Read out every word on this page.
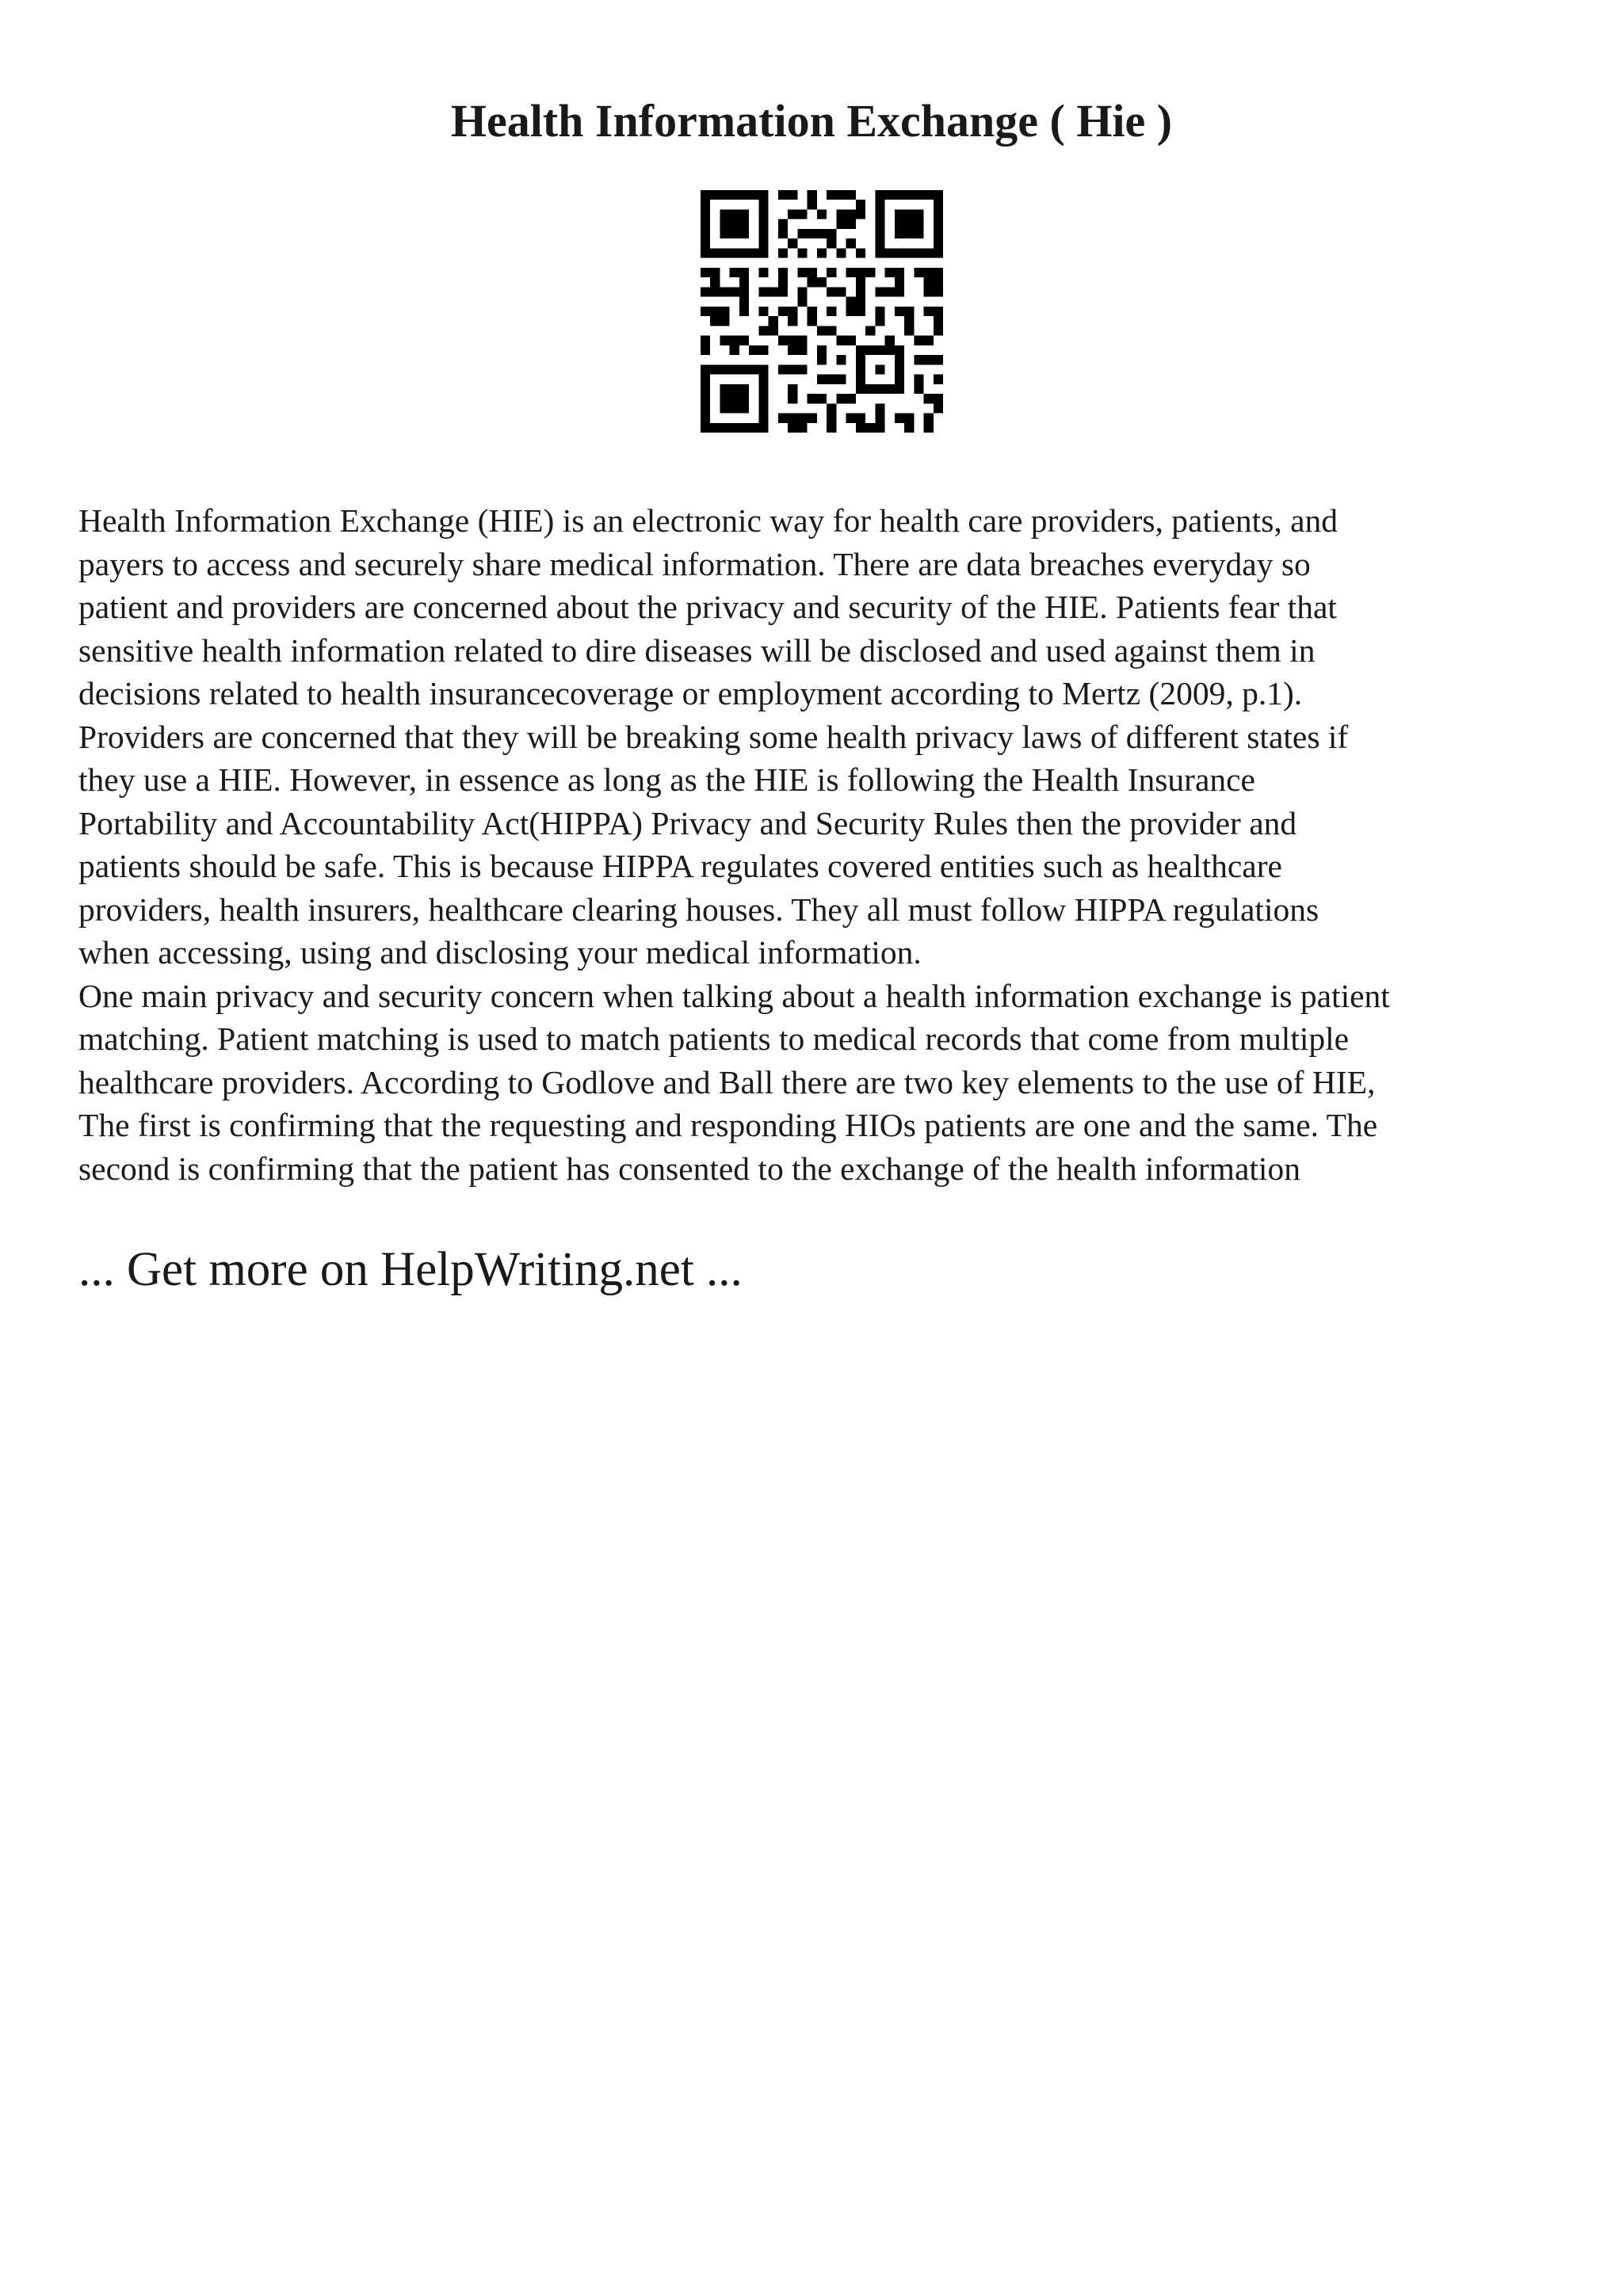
Health Information Exchange ( Hie )

Health Information Exchange (HIE) is an electronic way for health care providers, patients, and

payers to access and securely share medical information. There are data breaches everyday so

patient and providers are concerned about the privacy and security of the HIE. Patients fear that

sensitive health information related to dire diseases will be disclosed and used against them in

decisions related to health insurancecoverage or employment according to Mertz (2009, p.1).

Providers are concerned that they will be breaking some health privacy laws of different states if

they use a HIE. However, in essence as long as the HIE is following the Health Insurance

Portability and Accountability Act(HIPPA) Privacy and Security Rules then the provider and

patients should be safe. This is because HIPPA regulates covered entities such as healthcare

providers, health insurers, healthcare clearing houses. They all must follow HIPPA regulations

when accessing, using and disclosing your medical information.

One main privacy and security concern when talking about a health information exchange is patient

matching. Patient matching is used to match patients to medical records that come from multiple

healthcare providers. According to Godlove and Ball there are two key elements to the use of HIE,

The first is confirming that the requesting and responding HIOs patients are one and the same. The

second is confirming that the patient has consented to the exchange of the health information

... Get more on HelpWriting.net ...
